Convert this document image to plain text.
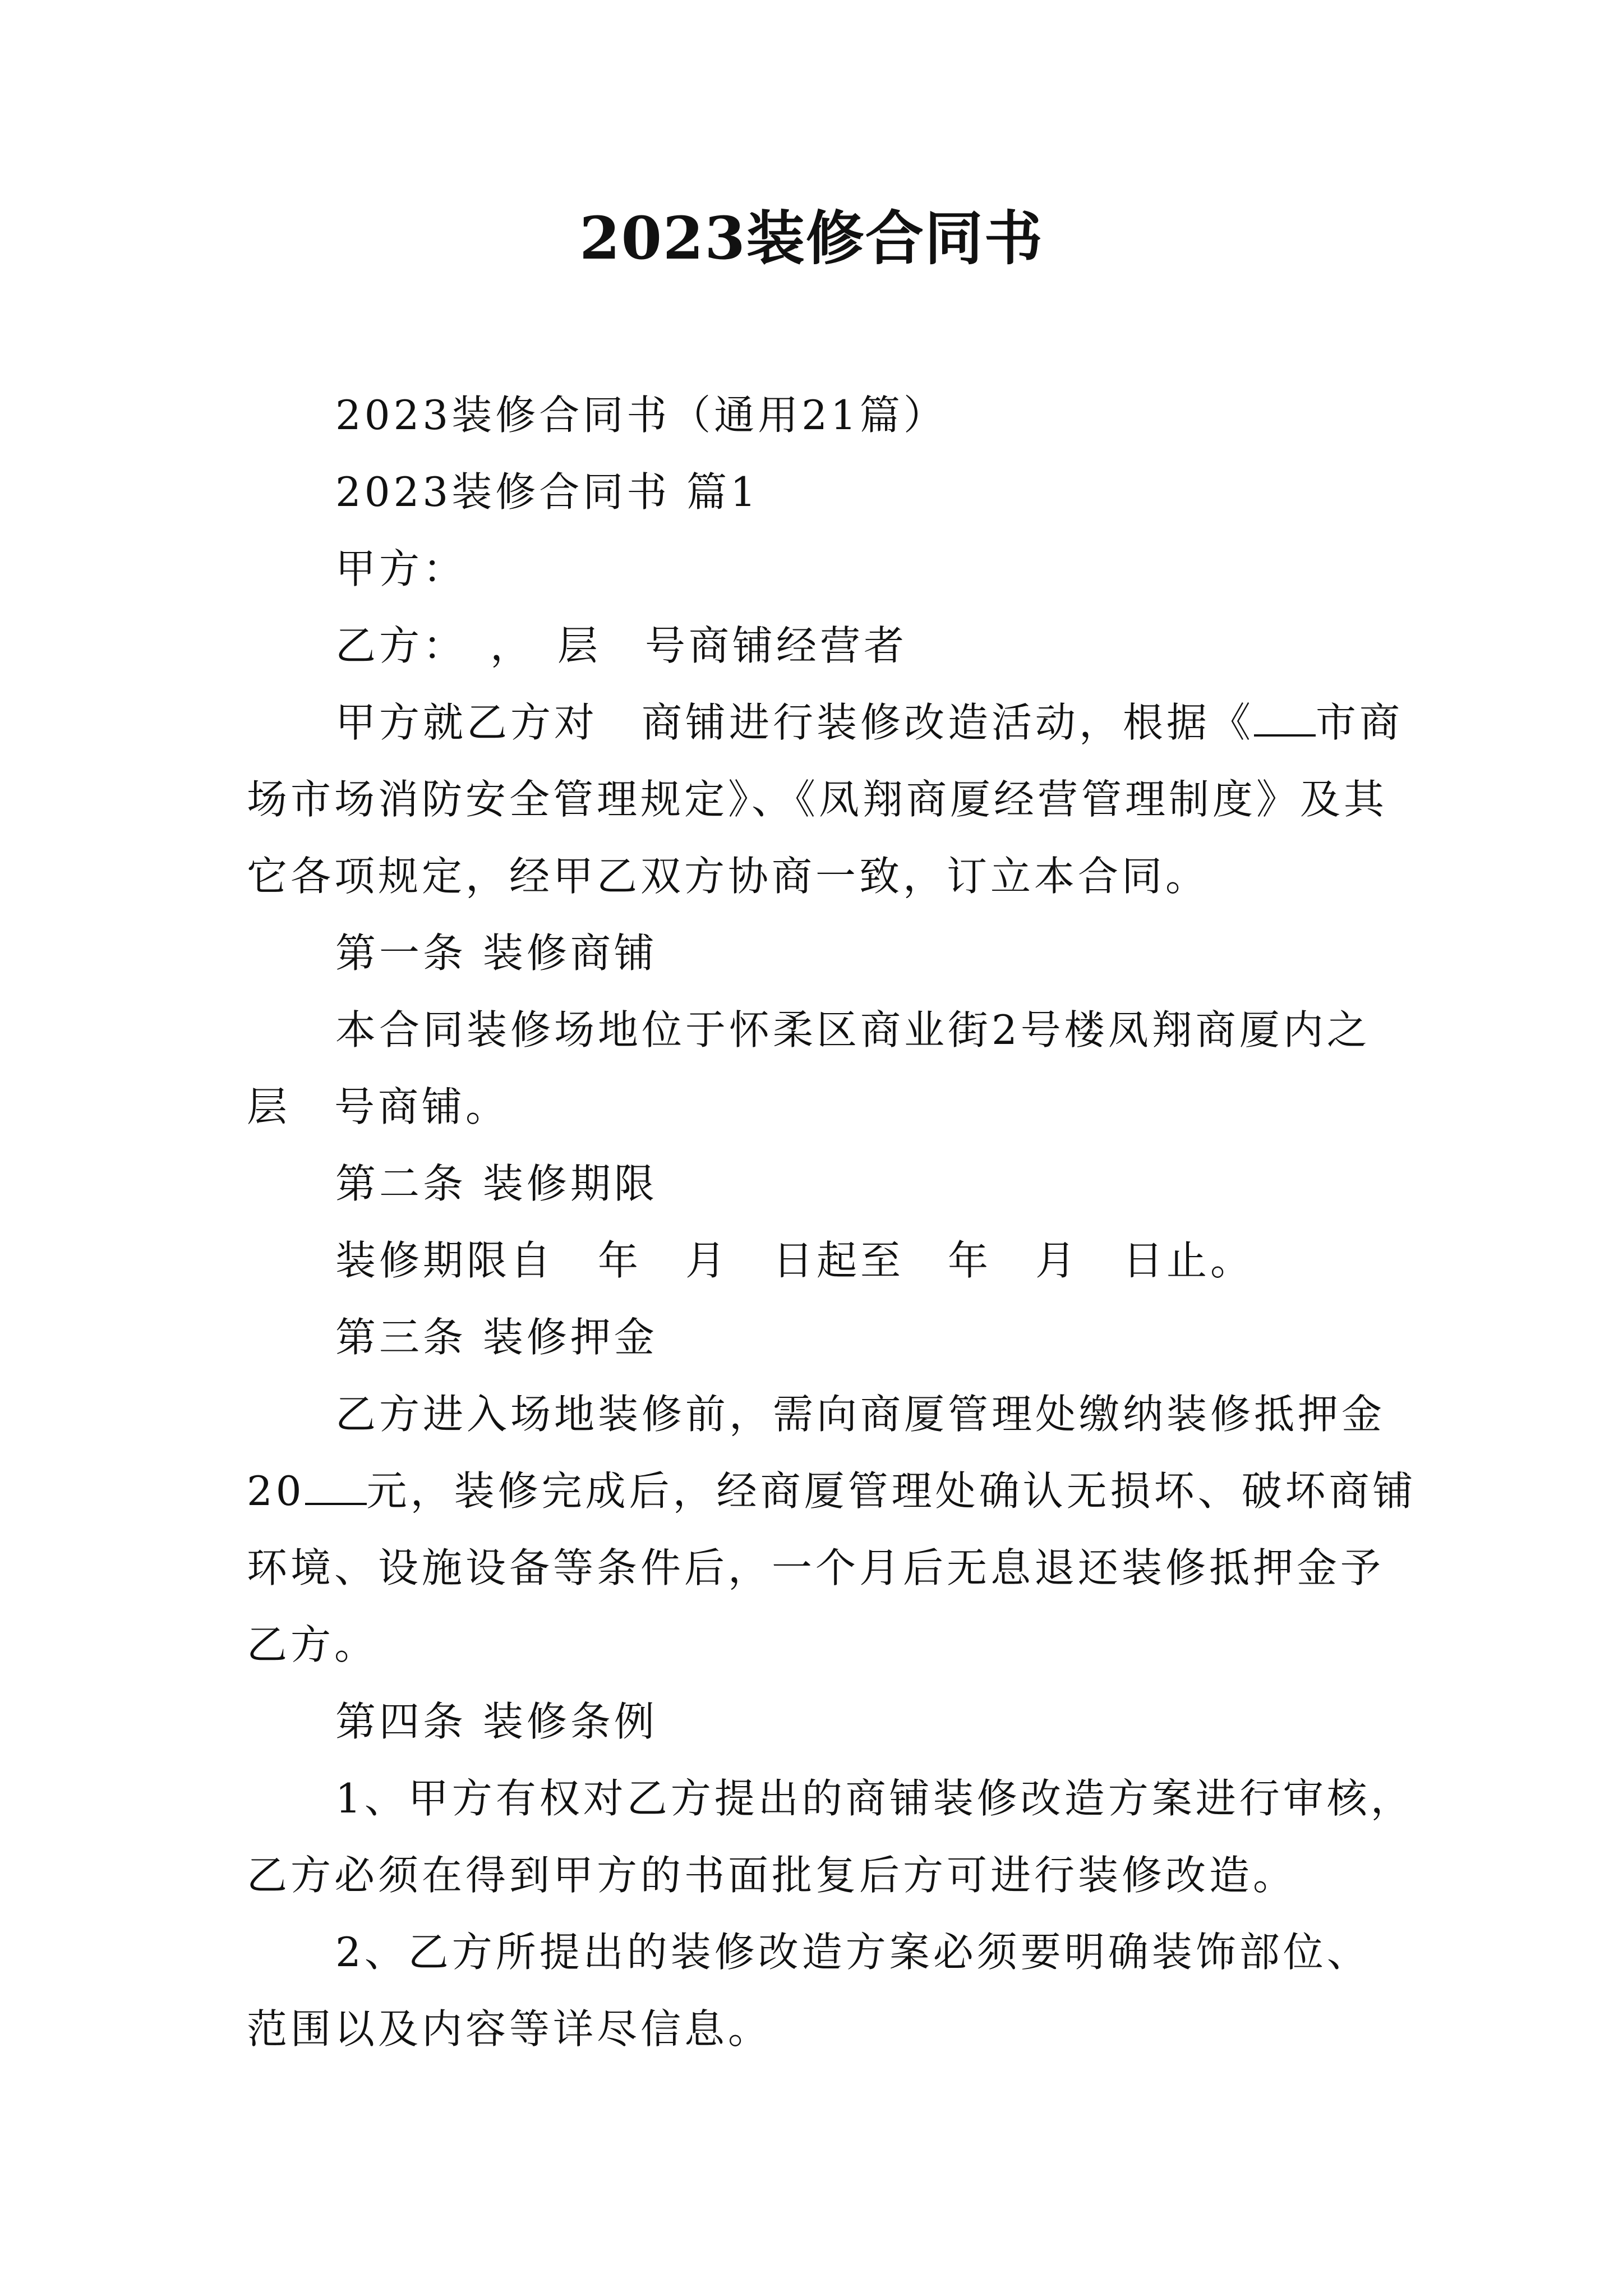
2023装修合同书
2023装修合同书（通用21篇）
2023装修合同书 篇1
甲方：
乙方：　，　层　号商铺经营者
甲方就乙方对　商铺进行装修改造活动，根据《 市商
场市场消防安全管理规定》、《凤翔商厦经营管理制度》及其
它各项规定，经甲乙双方协商一致，订立本合同。
第一条 装修商铺
本合同装修场地位于怀柔区商业街2号楼凤翔商厦内之
层　号商铺。
第二条 装修期限
装修期限自　年　月　日起至　年　月　日止。
第三条 装修押金
乙方进入场地装修前，需向商厦管理处缴纳装修抵押金
20 元，装修完成后，经商厦管理处确认无损坏、破坏商铺
环境、设施设备等条件后，一个月后无息退还装修抵押金予
乙方。
第四条 装修条例
1、甲方有权对乙方提出的商铺装修改造方案进行审核，
乙方必须在得到甲方的书面批复后方可进行装修改造。
2、乙方所提出的装修改造方案必须要明确装饰部位、
范围以及内容等详尽信息。
